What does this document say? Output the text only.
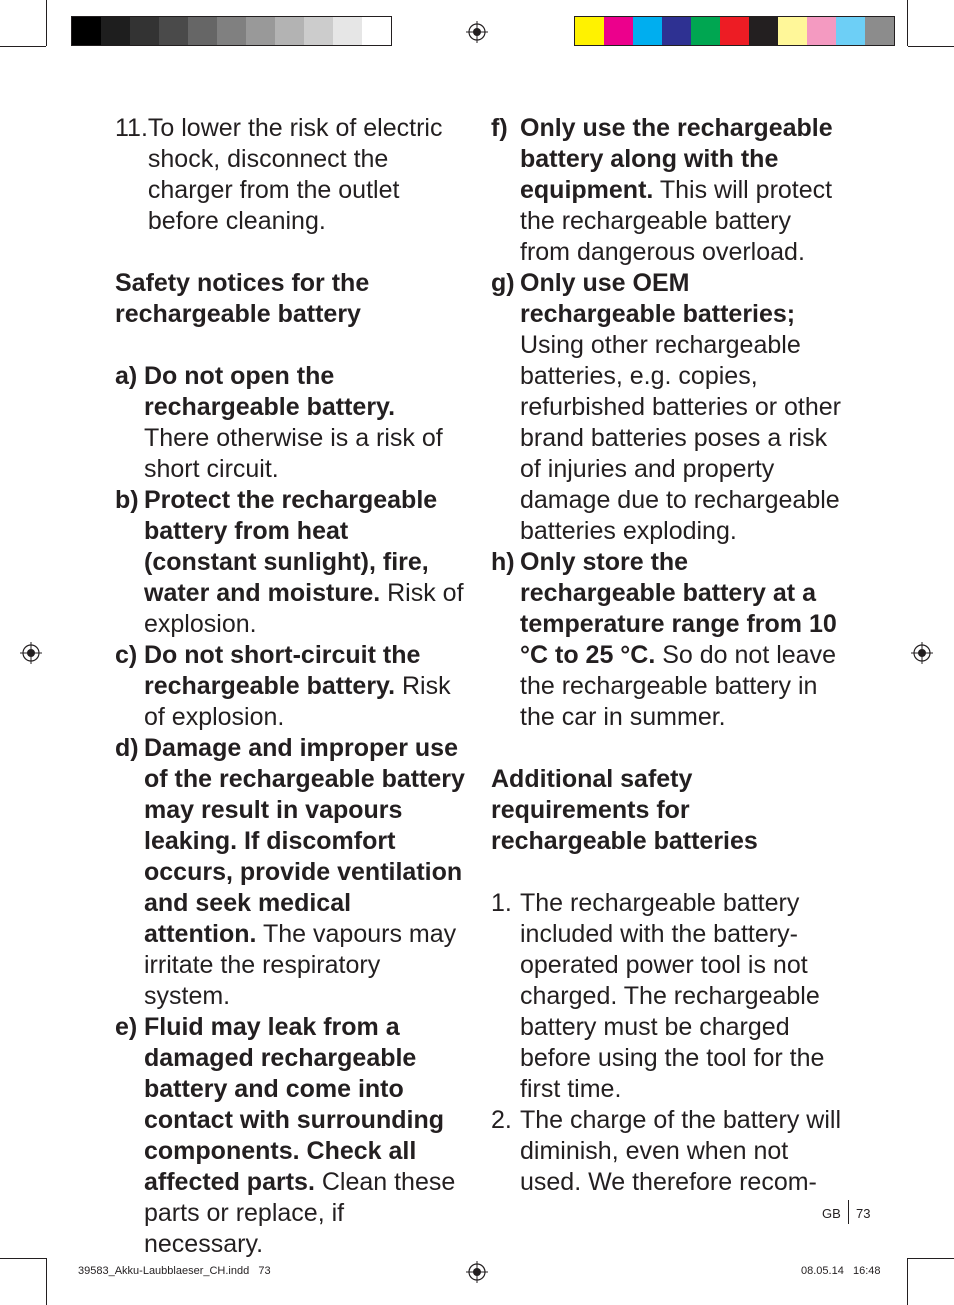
11. To lower the risk of electric shock, disconnect the charger from the outlet before cleaning.
Safety notices for the rechargeable battery
a) Do not open the rechargeable battery. There otherwise is a risk of short circuit.
b) Protect the rechargeable battery from heat (constant sunlight), fire, water and moisture. Risk of explosion.
c) Do not short-circuit the rechargeable battery. Risk of explosion.
d) Damage and improper use of the rechargeable battery may result in vapours leaking. If discomfort occurs, provide ventilation and seek medical attention. The vapours may irritate the respiratory system.
e) Fluid may leak from a damaged rechargeable battery and come into contact with surrounding components. Check all affected parts. Clean these parts or replace, if necessary.
f) Only use the rechargeable battery along with the equipment. This will protect the rechargeable battery from dangerous overload.
g) Only use OEM rechargeable batteries; Using other rechargeable batteries, e.g. copies, refurbished batteries or other brand batteries poses a risk of injuries and property damage due to rechargeable batteries exploding.
h) Only store the rechargeable battery at a temperature range from 10 °C to 25 °C. So do not leave the rechargeable battery in the car in summer.
Additional safety requirements for rechargeable batteries
1. The rechargeable battery included with the battery-operated power tool is not charged. The rechargeable battery must be charged before using the tool for the first time.
2. The charge of the battery will diminish, even when not used. We therefore recom-
GB 73
39583_Akku-Laubblaeser_CH.indd   73	08.05.14   16:48
